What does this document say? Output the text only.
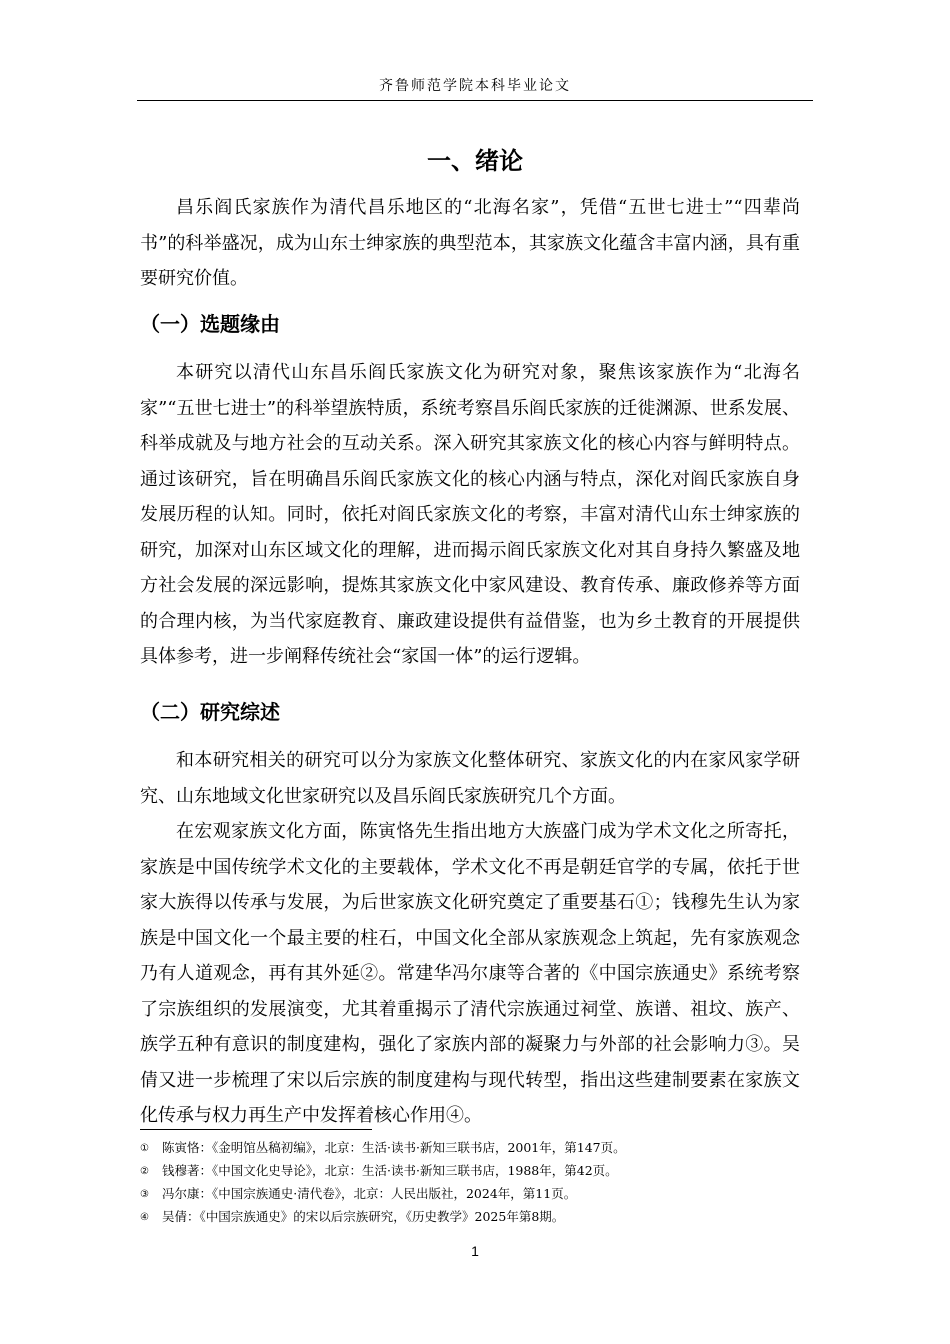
齐鲁师范学院本科毕业论文
一、绪论

昌乐阎氏家族作为清代昌乐地区的“北海名家”，凭借“五世七进士”“四辈尚书”的科举盛况，成为山东士绅家族的典型范本，其家族文化蕴含丰富内涵，具有重要研究价值。

（一）选题缘由

本研究以清代山东昌乐阎氏家族文化为研究对象，聚焦该家族作为“北海名家”“五世七进士”的科举望族特质，系统考察昌乐阎氏家族的迁徙渊源、世系发展、科举成就及与地方社会的互动关系。深入研究其家族文化的核心内容与鲜明特点。通过该研究，旨在明确昌乐阎氏家族文化的核心内涵与特点，深化对阎氏家族自身发展历程的认知。同时，依托对阎氏家族文化的考察，丰富对清代山东士绅家族的研究，加深对山东区域文化的理解，进而揭示阎氏家族文化对其自身持久繁盛及地方社会发展的深远影响，提炼其家族文化中家风建设、教育传承、廉政修养等方面的合理内核，为当代家庭教育、廉政建设提供有益借鉴，也为乡土教育的开展提供具体参考，进一步阐释传统社会“家国一体”的运行逻辑。

（二）研究综述

和本研究相关的研究可以分为家族文化整体研究、家族文化的内在家风家学研究、山东地域文化世家研究以及昌乐阎氏家族研究几个方面。

在宏观家族文化方面，陈寅恪先生指出地方大族盛门成为学术文化之所寄托，家族是中国传统学术文化的主要载体，学术文化不再是朝廷官学的专属，依托于世家大族得以传承与发展，为后世家族文化研究奠定了重要基石①；钱穆先生认为家族是中国文化一个最主要的柱石，中国文化全部从家族观念上筑起，先有家族观念乃有人道观念，再有其外延②。常建华冯尔康等合著的《中国宗族通史》系统考察了宗族组织的发展演变，尤其着重揭示了清代宗族通过祠堂、族谱、祖坟、族产、族学五种有意识的制度建构，强化了家族内部的凝聚力与外部的社会影响力③。吴倩又进一步梳理了宋以后宗族的制度建构与现代转型，指出这些建制要素在家族文化传承与权力再生产中发挥着核心作用④。

① 陈寅恪：《金明馆丛稿初编》，北京：生活·读书·新知三联书店，2001年，第147页。
② 钱穆著：《中国文化史导论》，北京：生活·读书·新知三联书店，1988年，第42页。
③ 冯尔康：《中国宗族通史·清代卷》，北京：人民出版社，2024年，第11页。
④ 吴倩：《中国宗族通史》的宋以后宗族研究，《历史教学》2025年第8期。
1
